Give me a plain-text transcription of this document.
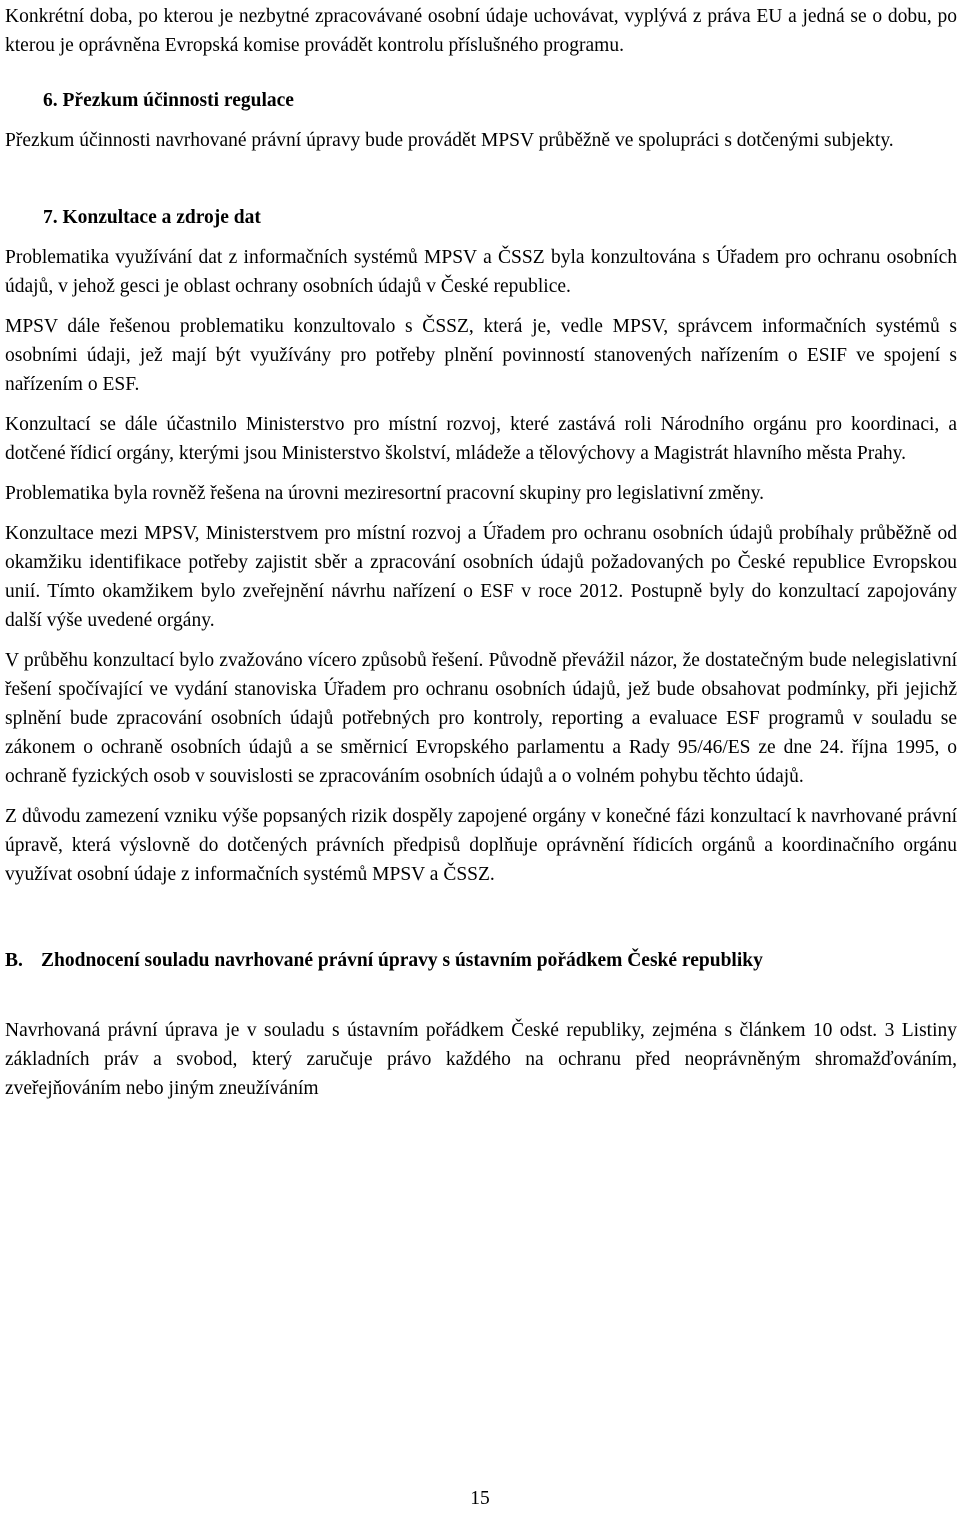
Konkrétní doba, po kterou je nezbytné zpracovávané osobní údaje uchovávat, vyplývá z práva EU a jedná se o dobu, po kterou je oprávněna Evropská komise provádět kontrolu příslušného programu.

6. Přezkum účinnosti regulace

Přezkum účinnosti navrhované právní úpravy bude provádět MPSV průběžně ve spolupráci s dotčenými subjekty.

7. Konzultace a zdroje dat

Problematika využívání dat z informačních systémů MPSV a ČSSZ byla konzultována s Úřadem pro ochranu osobních údajů, v jehož gesci je oblast ochrany osobních údajů v České republice.

MPSV dále řešenou problematiku konzultovalo s ČSSZ, která je, vedle MPSV, správcem informačních systémů s osobními údaji, jež mají být využívány pro potřeby plnění povinností stanovených nařízením o ESIF ve spojení s nařízením o ESF.

Konzultací se dále účastnilo Ministerstvo pro místní rozvoj, které zastává roli Národního orgánu pro koordinaci, a dotčené řídicí orgány, kterými jsou Ministerstvo školství, mládeže a tělovýchovy a Magistrát hlavního města Prahy.

Problematika byla rovněž řešena na úrovni meziresortní pracovní skupiny pro legislativní změny.

Konzultace mezi MPSV, Ministerstvem pro místní rozvoj a Úřadem pro ochranu osobních údajů probíhaly průběžně od okamžiku identifikace potřeby zajistit sběr a zpracování osobních údajů požadovaných po České republice Evropskou unií. Tímto okamžikem bylo zveřejnění návrhu nařízení o ESF v roce 2012. Postupně byly do konzultací zapojovány další výše uvedené orgány.

V průběhu konzultací bylo zvažováno vícero způsobů řešení. Původně převážil názor, že dostatečným bude nelegislativní řešení spočívající ve vydání stanoviska Úřadem pro ochranu osobních údajů, jež bude obsahovat podmínky, při jejichž splnění bude zpracování osobních údajů potřebných pro kontroly, reporting a evaluace ESF programů v souladu se zákonem o ochraně osobních údajů a se směrnicí Evropského parlamentu a Rady 95/46/ES ze dne 24. října 1995, o ochraně fyzických osob v souvislosti se zpracováním osobních údajů a o volném pohybu těchto údajů.

Z důvodu zamezení vzniku výše popsaných rizik dospěly zapojené orgány v konečné fázi konzultací k navrhované právní úpravě, která výslovně do dotčených právních předpisů doplňuje oprávnění řídicích orgánů a koordinačního orgánu využívat osobní údaje z informačních systémů MPSV a ČSSZ.

B. Zhodnocení souladu navrhované právní úpravy s ústavním pořádkem České republiky

Navrhovaná právní úprava je v souladu s ústavním pořádkem České republiky, zejména s článkem 10 odst. 3 Listiny základních práv a svobod, který zaručuje právo každého na ochranu před neoprávněným shromažďováním, zveřejňováním nebo jiným zneužíváním

15
